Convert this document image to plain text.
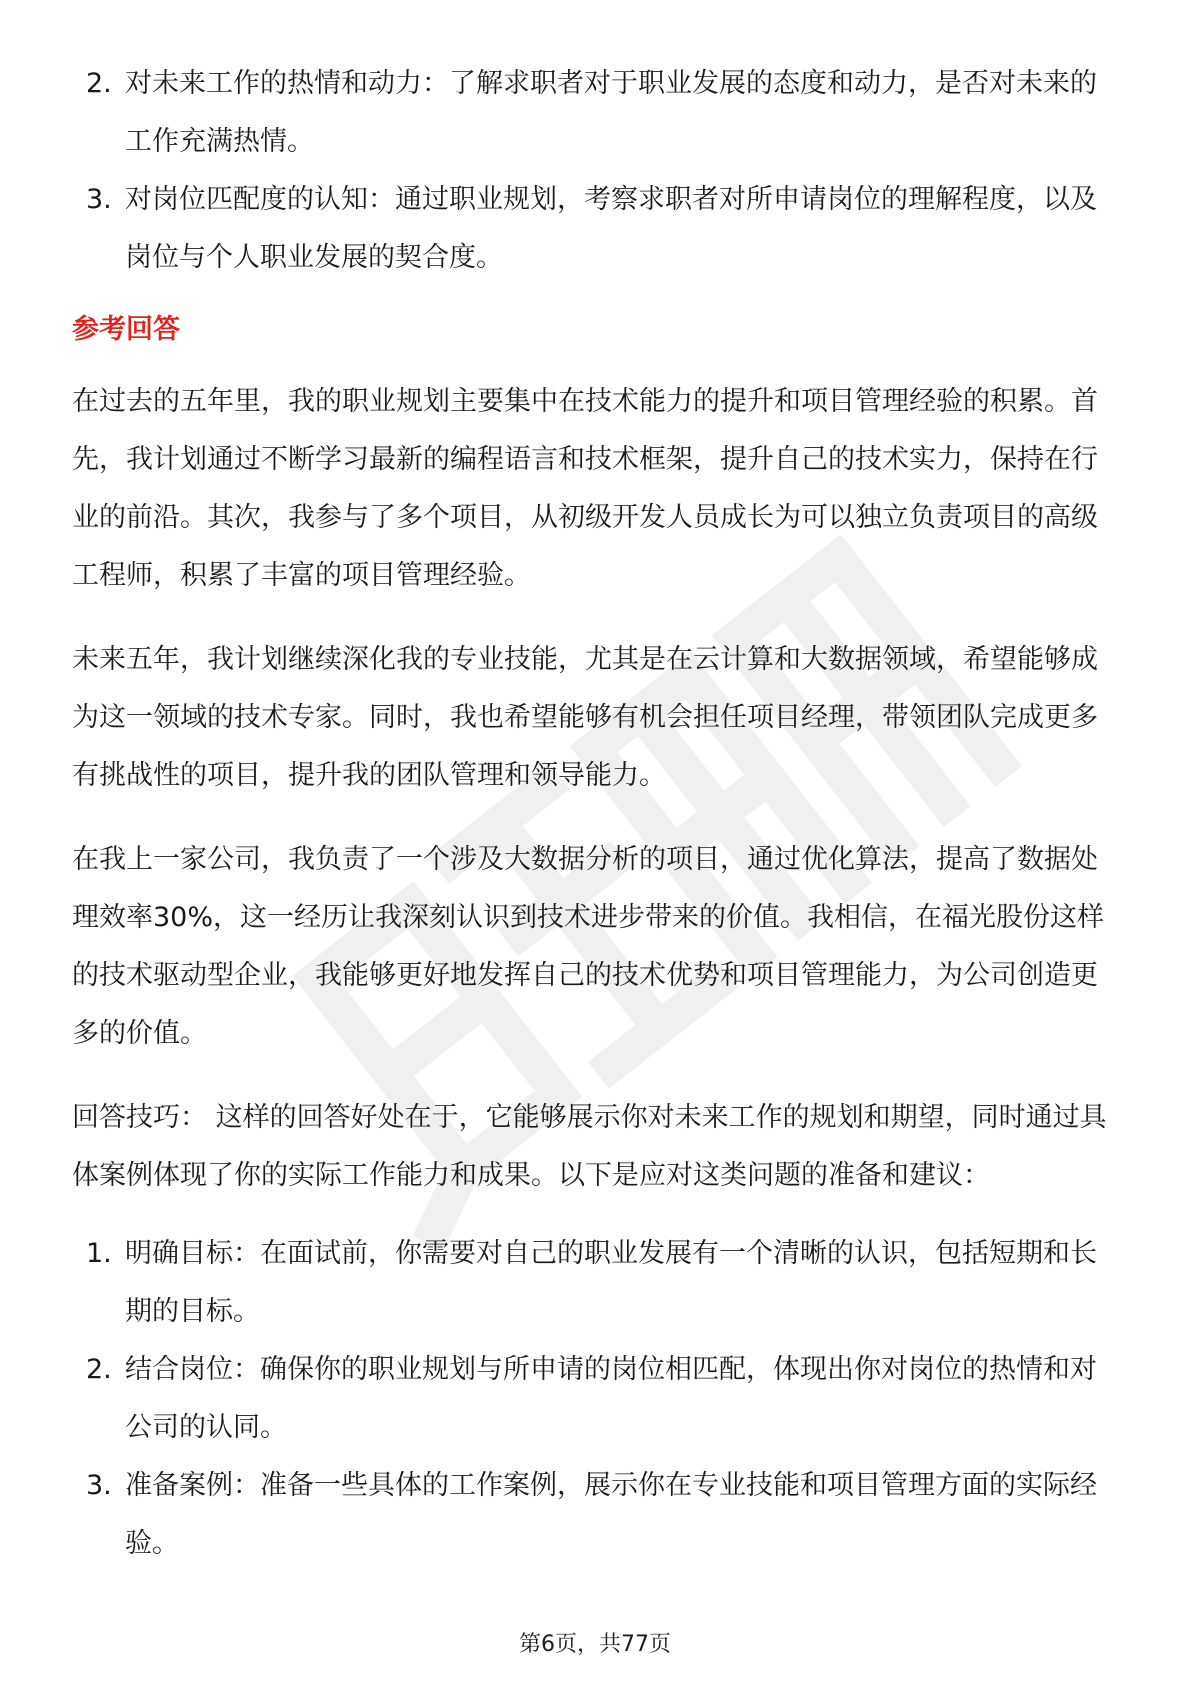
2. 对未来工作的热情和动力：了解求职者对于职业发展的态度和动力，是否对未来的工作充满热情。
3. 对岗位匹配度的认知：通过职业规划，考察求职者对所申请岗位的理解程度，以及岗位与个人职业发展的契合度。
参考回答

在过去的五年里，我的职业规划主要集中在技术能力的提升和项目管理经验的积累。首先，我计划通过不断学习最新的编程语言和技术框架，提升自己的技术实力，保持在行业的前沿。其次，我参与了多个项目，从初级开发人员成长为可以独立负责项目的高级工程师，积累了丰富的项目管理经验。

未来五年，我计划继续深化我的专业技能，尤其是在云计算和大数据领域，希望能够成为这一领域的技术专家。同时，我也希望能够有机会担任项目经理，带领团队完成更多有挑战性的项目，提升我的团队管理和领导能力。

在我上一家公司，我负责了一个涉及大数据分析的项目，通过优化算法，提高了数据处理效率30%，这一经历让我深刻认识到技术进步带来的价值。我相信，在福光股份这样的技术驱动型企业，我能够更好地发挥自己的技术优势和项目管理能力，为公司创造更多的价值。

回答技巧： 这样的回答好处在于，它能够展示你对未来工作的规划和期望，同时通过具体案例体现了你的实际工作能力和成果。以下是应对这类问题的准备和建议：

1. 明确目标：在面试前，你需要对自己的职业发展有一个清晰的认识，包括短期和长期的目标。
2. 结合岗位：确保你的职业规划与所申请的岗位相匹配，体现出你对岗位的热情和对公司的认同。
3. 准备案例：准备一些具体的工作案例，展示你在专业技能和项目管理方面的实际经验。
第6页，共77页
